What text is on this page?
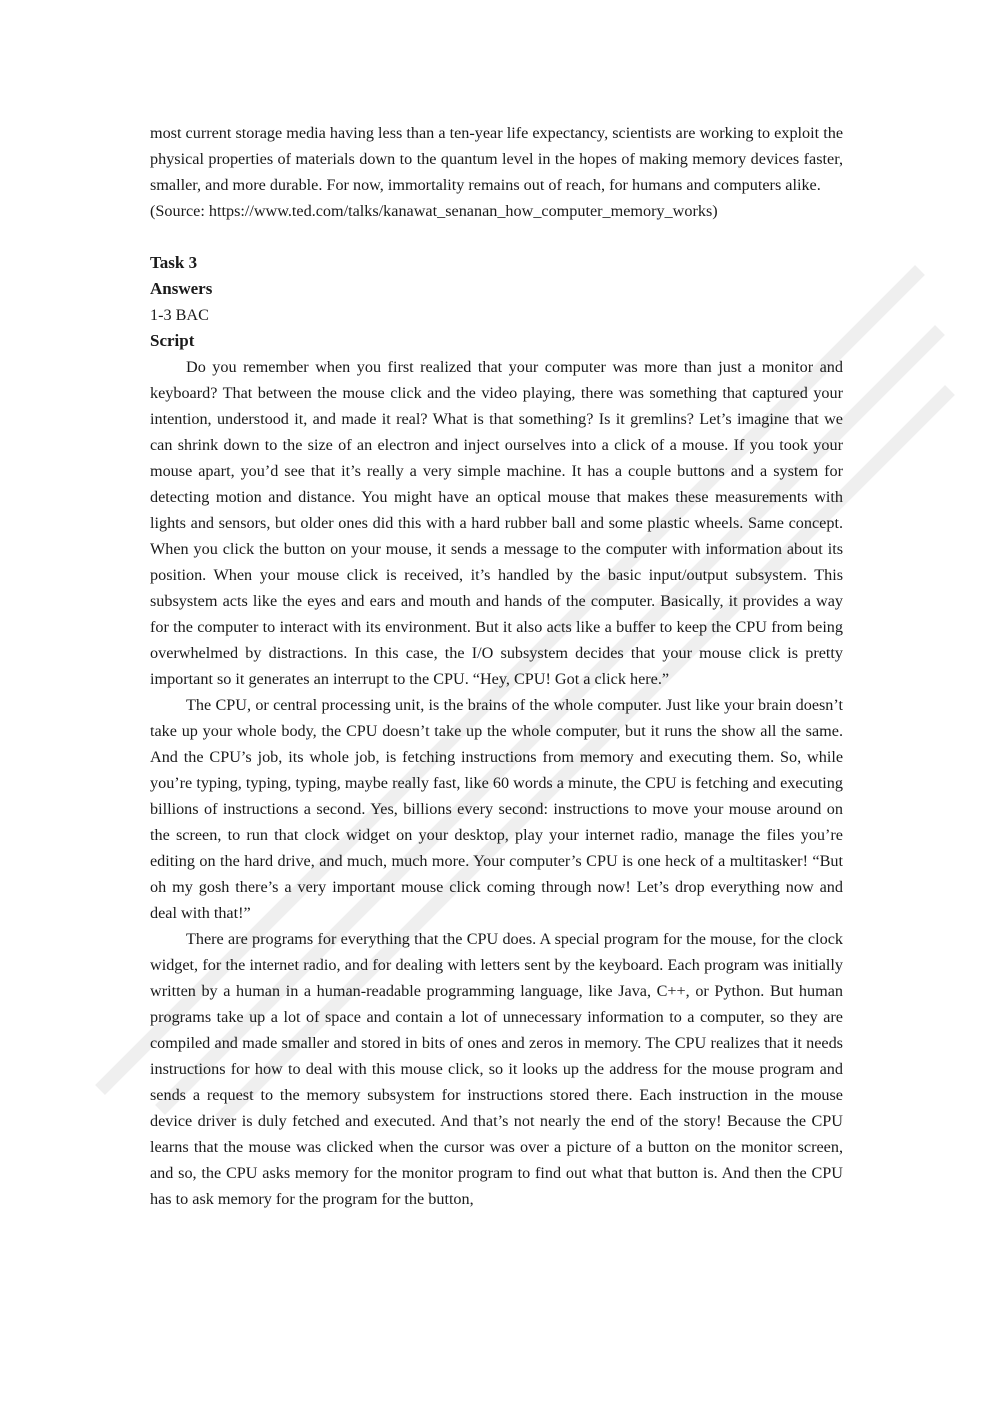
most current storage media having less than a ten-year life expectancy, scientists are working to exploit the physical properties of materials down to the quantum level in the hopes of making memory devices faster, smaller, and more durable. For now, immortality remains out of reach, for humans and computers alike.

(Source: https://www.ted.com/talks/kanawat_senanan_how_computer_memory_works)

Task 3

Answers

1-3 BAC

Script

Do you remember when you first realized that your computer was more than just a monitor and keyboard? That between the mouse click and the video playing, there was something that captured your intention, understood it, and made it real? What is that something? Is it gremlins? Let’s imagine that we can shrink down to the size of an electron and inject ourselves into a click of a mouse. If you took your mouse apart, you’d see that it’s really a very simple machine. It has a couple buttons and a system for detecting motion and distance. You might have an optical mouse that makes these measurements with lights and sensors, but older ones did this with a hard rubber ball and some plastic wheels. Same concept. When you click the button on your mouse, it sends a message to the computer with information about its position. When your mouse click is received, it’s handled by the basic input/output subsystem. This subsystem acts like the eyes and ears and mouth and hands of the computer. Basically, it provides a way for the computer to interact with its environment. But it also acts like a buffer to keep the CPU from being overwhelmed by distractions. In this case, the I/O subsystem decides that your mouse click is pretty important so it generates an interrupt to the CPU. “Hey, CPU! Got a click here.”

The CPU, or central processing unit, is the brains of the whole computer. Just like your brain doesn’t take up your whole body, the CPU doesn’t take up the whole computer, but it runs the show all the same. And the CPU’s job, its whole job, is fetching instructions from memory and executing them. So, while you’re typing, typing, typing, maybe really fast, like 60 words a minute, the CPU is fetching and executing billions of instructions a second. Yes, billions every second: instructions to move your mouse around on the screen, to run that clock widget on your desktop, play your internet radio, manage the files you’re editing on the hard drive, and much, much more. Your computer’s CPU is one heck of a multitasker! “But oh my gosh there’s a very important mouse click coming through now! Let’s drop everything now and deal with that!”

There are programs for everything that the CPU does. A special program for the mouse, for the clock widget, for the internet radio, and for dealing with letters sent by the keyboard. Each program was initially written by a human in a human-readable programming language, like Java, C++, or Python. But human programs take up a lot of space and contain a lot of unnecessary information to a computer, so they are compiled and made smaller and stored in bits of ones and zeros in memory. The CPU realizes that it needs instructions for how to deal with this mouse click, so it looks up the address for the mouse program and sends a request to the memory subsystem for instructions stored there. Each instruction in the mouse device driver is duly fetched and executed. And that’s not nearly the end of the story! Because the CPU learns that the mouse was clicked when the cursor was over a picture of a button on the monitor screen, and so, the CPU asks memory for the monitor program to find out what that button is. And then the CPU has to ask memory for the program for the button,
